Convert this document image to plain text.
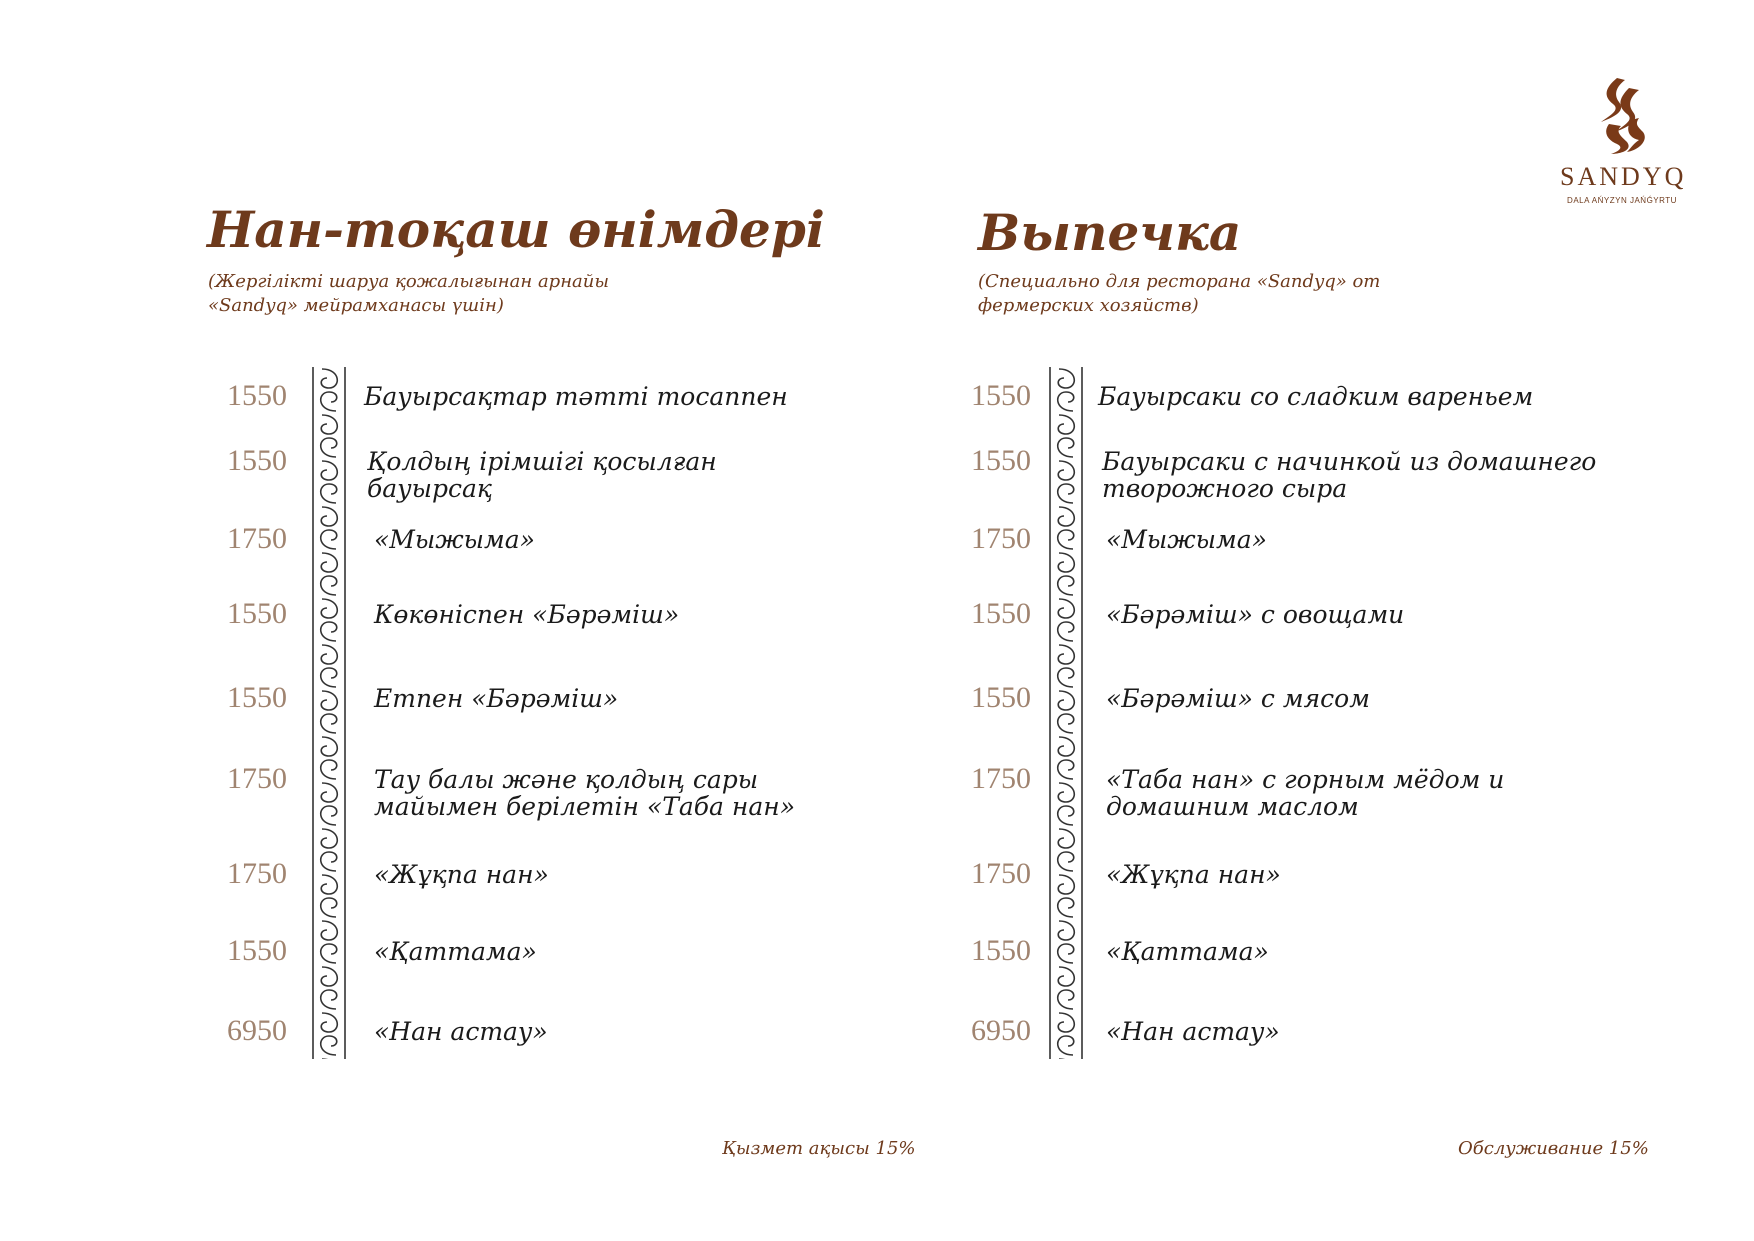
SANDYQ
DALA AŃYZYN JAŃǴYRTU
Нан-тоқаш өнімдері

(Жергілікті шаруа қожалығынан арнайы «Sandyq» мейрамханасы үшін)

1550	Бауырсақтар тәтті тосаппен
1550	Қолдың ірімшігі қосылған бауырсақ
1750	«Мыжыма»
1550	Көкөніспен «Бәрәміш»
1550	Етпен «Бәрәміш»
1750	Тау балы және қолдың сары майымен берілетін «Таба нан»
1750	«Жұқпа нан»
1550	«Қаттама»
6950	«Нан астау»
Қызмет ақысы 15%
Выпечка

(Специально для ресторана «Sandyq» от фермерских хозяйств)

1550	Бауырсаки со сладким вареньем
1550	Бауырсаки с начинкой из домашнего творожного сыра
1750	«Мыжыма»
1550	«Бәрәміш» с овощами
1550	«Бәрәміш» с мясом
1750	«Таба нан» с горным мёдом и домашним маслом
1750	«Жұқпа нан»
1550	«Қаттама»
6950	«Нан астау»
Обслуживание 15%
